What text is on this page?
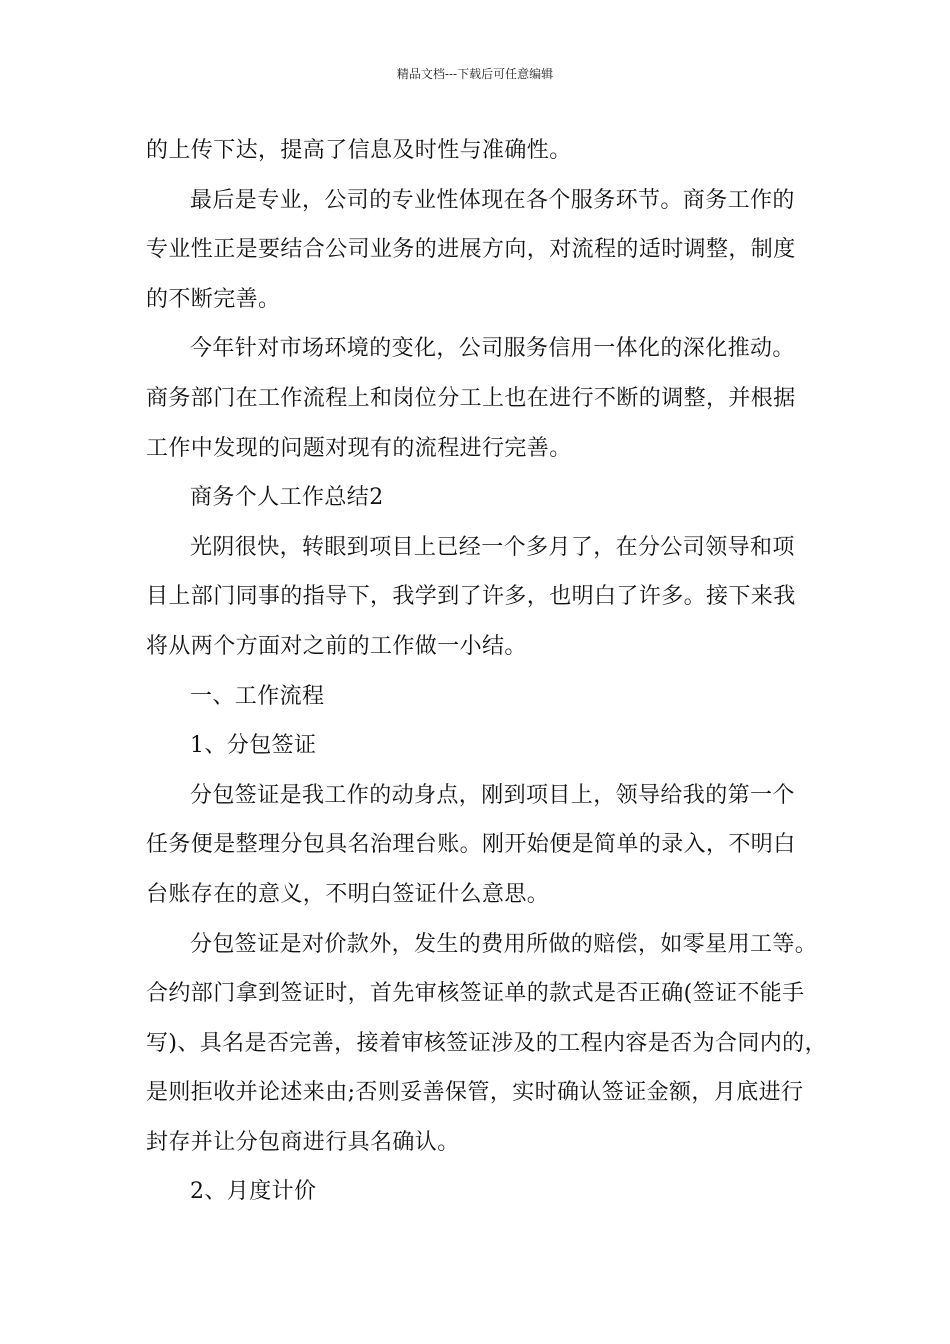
精品文档---下载后可任意编辑
的上传下达，提高了信息及时性与准确性。
最后是专业，公司的专业性体现在各个服务环节。商务工作的
专业性正是要结合公司业务的进展方向，对流程的适时调整，制度
的不断完善。
今年针对市场环境的变化，公司服务信用一体化的深化推动。
商务部门在工作流程上和岗位分工上也在进行不断的调整，并根据
工作中发现的问题对现有的流程进行完善。
商务个人工作总结2
光阴很快，转眼到项目上已经一个多月了，在分公司领导和项
目上部门同事的指导下，我学到了许多，也明白了许多。接下来我
将从两个方面对之前的工作做一小结。
一、工作流程
1、分包签证
分包签证是我工作的动身点，刚到项目上，领导给我的第一个
任务便是整理分包具名治理台账。刚开始便是简单的录入，不明白
台账存在的意义，不明白签证什么意思。
分包签证是对价款外，发生的费用所做的赔偿，如零星用工等。
合约部门拿到签证时，首先审核签证单的款式是否正确(签证不能手
写)、具名是否完善，接着审核签证涉及的工程内容是否为合同内的，
是则拒收并论述来由;否则妥善保管，实时确认签证金额，月底进行
封存并让分包商进行具名确认。
2、月度计价
